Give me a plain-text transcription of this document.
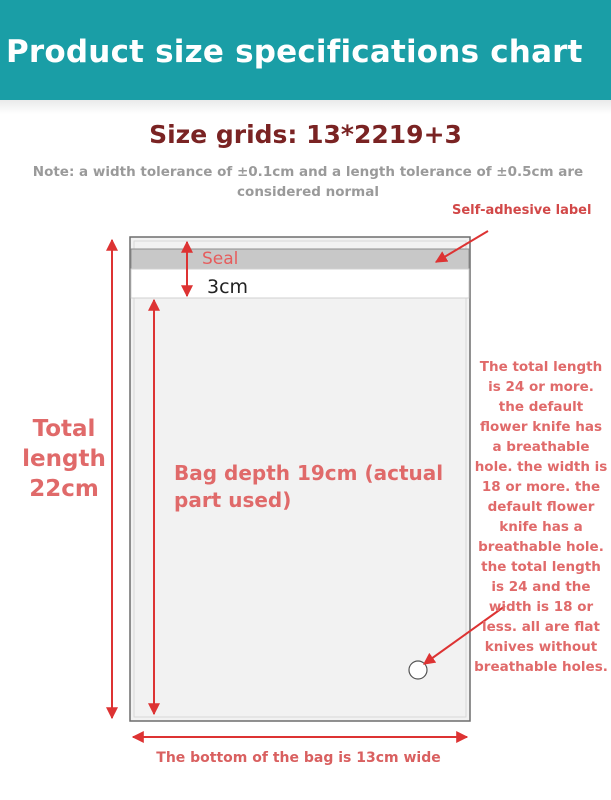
Product size specifications chart
Size grids: 13*2219+3
Note: a width tolerance of ±0.1cm and a length tolerance of ±0.5cm are considered normal
Self-adhesive label
Seal
3cm
Total length 22cm
Bag depth 19cm (actual part used)
The total length is 24 or more. the default flower knife has a breathable hole. the width is 18 or more. the default flower knife has a breathable hole. the total length is 24 and the width is 18 or less. all are flat knives without breathable holes.
The bottom of the bag is 13cm wide
